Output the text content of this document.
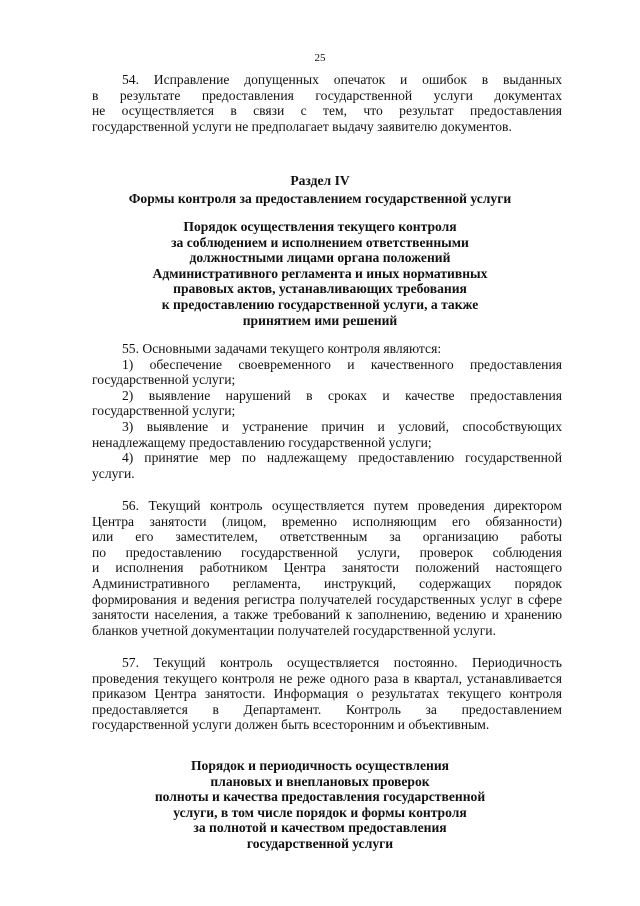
25
54. Исправление допущенных опечаток и ошибок в выданных
в результате предоставления государственной услуги документах
не осуществляется в связи с тем, что результат предоставления
государственной услуги не предполагает выдачу заявителю документов.
Раздел IV
Формы контроля за предоставлением государственной услуги
Порядок осуществления текущего контроля
за соблюдением и исполнением ответственными
должностными лицами органа положений
Административного регламента и иных нормативных
правовых актов, устанавливающих требования
к предоставлению государственной услуги, а также
принятием ими решений
55. Основными задачами текущего контроля являются:
1) обеспечение своевременного и качественного предоставления
государственной услуги;
2) выявление нарушений в сроках и качестве предоставления
государственной услуги;
3) выявление и устранение причин и условий, способствующих
ненадлежащему предоставлению государственной услуги;
4) принятие мер по надлежащему предоставлению государственной
услуги.
56. Текущий контроль осуществляется путем проведения директором
Центра занятости (лицом, временно исполняющим его обязанности)
или его заместителем, ответственным за организацию работы
по предоставлению государственной услуги, проверок соблюдения
и исполнения работником Центра занятости положений настоящего
Административного регламента, инструкций, содержащих порядок
формирования и ведения регистра получателей государственных услуг в сфере
занятости населения, а также требований к заполнению, ведению и хранению
бланков учетной документации получателей государственной услуги.
57. Текущий контроль осуществляется постоянно. Периодичность
проведения текущего контроля не реже одного раза в квартал, устанавливается
приказом Центра занятости. Информация о результатах текущего контроля
предоставляется в Департамент. Контроль за предоставлением
государственной услуги должен быть всесторонним и объективным.
Порядок и периодичность осуществления
плановых и внеплановых проверок
полноты и качества предоставления государственной
услуги, в том числе порядок и формы контроля
за полнотой и качеством предоставления
государственной услуги
